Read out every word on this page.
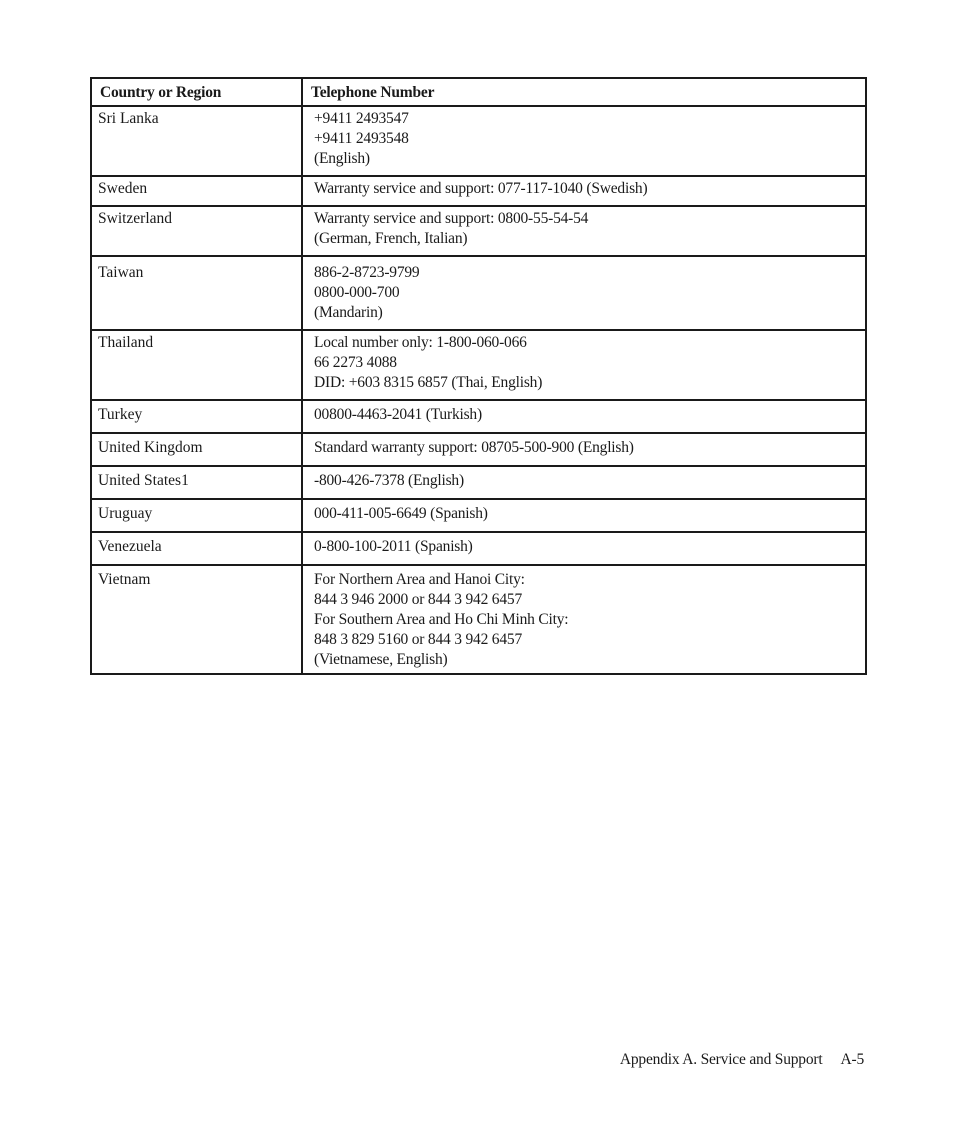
Country or Region	Telephone Number
Sri Lanka	+9411 2493547
+9411 2493548
(English)

Sweden	Warranty service and support: 077-117-1040 (Swedish)

Switzerland	Warranty service and support: 0800-55-54-54
(German, French, Italian)

Taiwan	886-2-8723-9799
0800-000-700
(Mandarin)

Thailand	Local number only: 1-800-060-066
66 2273 4088
DID: +603 8315 6857 (Thai, English)

Turkey	00800-4463-2041 (Turkish)

United Kingdom	Standard warranty support: 08705-500-900 (English)

United States1	-800-426-7378 (English)

Uruguay	000-411-005-6649 (Spanish)

Venezuela	0-800-100-2011 (Spanish)

Vietnam	For Northern Area and Hanoi City:
844 3 946 2000 or 844 3 942 6457
For Southern Area and Ho Chi Minh City:
848 3 829 5160 or 844 3 942 6457
(Vietnamese, English)
Appendix A. Service and Support A-5
